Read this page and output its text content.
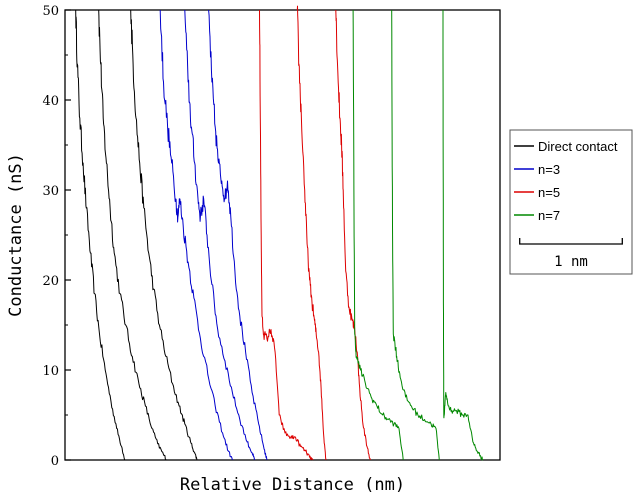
0
10
20
30
40
50
Relative Distance (nm)
Conductance (nS)
Direct contact
n=3
n=5
n=7
1 nm
